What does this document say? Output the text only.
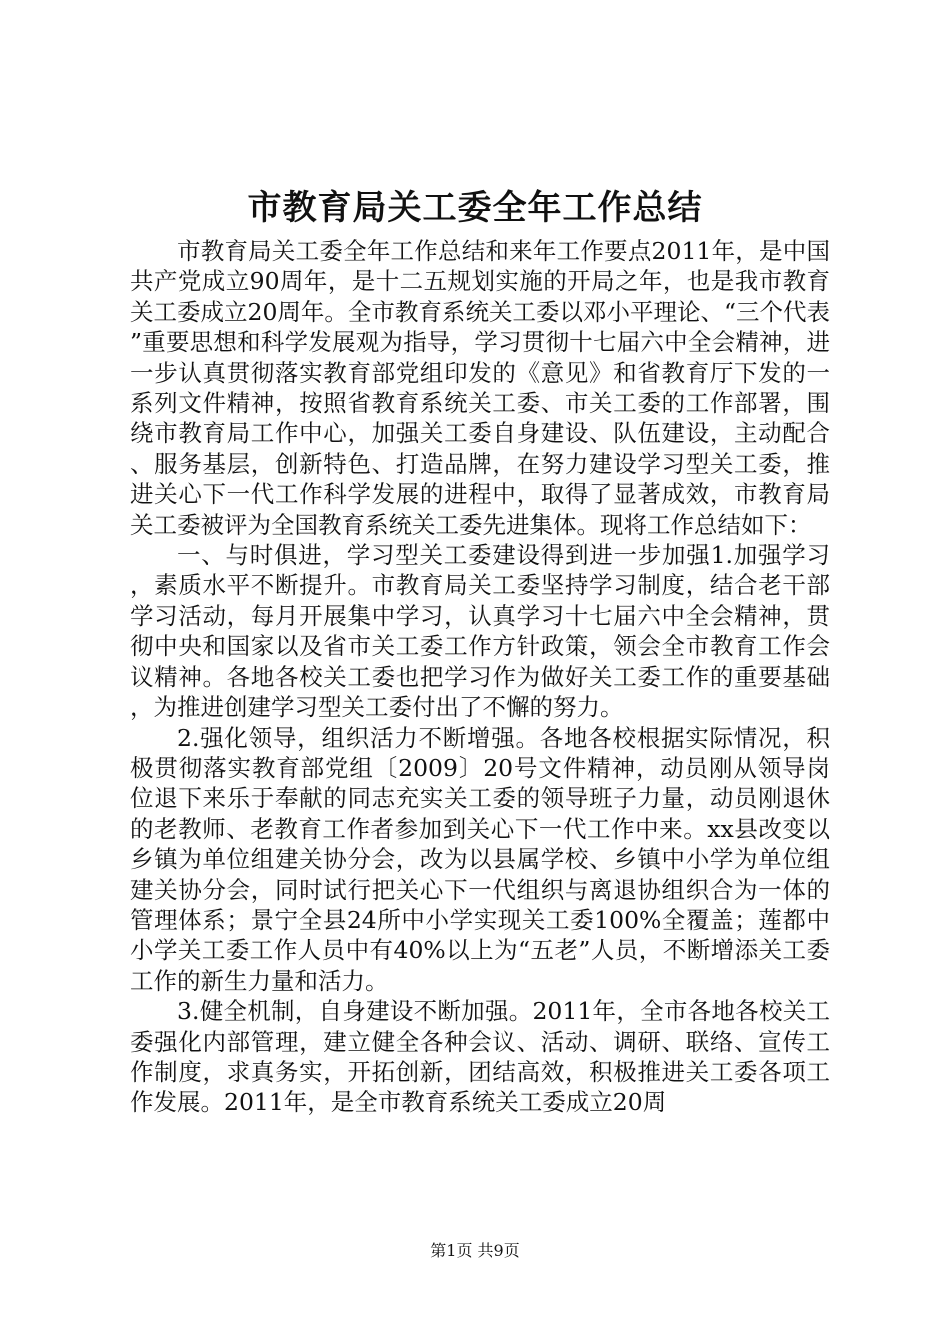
市教育局关工委全年工作总结

市教育局关工委全年工作总结和来年工作要点2011年，是中国共产党成立90周年，是十二五规划实施的开局之年，也是我市教育关工委成立20周年。全市教育系统关工委以邓小平理论、“三个代表”重要思想和科学发展观为指导，学习贯彻十七届六中全会精神，进一步认真贯彻落实教育部党组印发的《意见》和省教育厅下发的一系列文件精神，按照省教育系统关工委、市关工委的工作部署，围绕市教育局工作中心，加强关工委自身建设、队伍建设，主动配合、服务基层，创新特色、打造品牌，在努力建设学习型关工委，推进关心下一代工作科学发展的进程中，取得了显著成效，市教育局关工委被评为全国教育系统关工委先进集体。现将工作总结如下：

一、与时俱进，学习型关工委建设得到进一步加强1.加强学习，素质水平不断提升。市教育局关工委坚持学习制度，结合老干部学习活动，每月开展集中学习，认真学习十七届六中全会精神，贯彻中央和国家以及省市关工委工作方针政策，领会全市教育工作会议精神。各地各校关工委也把学习作为做好关工委工作的重要基础，为推进创建学习型关工委付出了不懈的努力。

2.强化领导，组织活力不断增强。各地各校根据实际情况，积极贯彻落实教育部党组〔2009〕20号文件精神，动员刚从领导岗位退下来乐于奉献的同志充实关工委的领导班子力量，动员刚退休的老教师、老教育工作者参加到关心下一代工作中来。xx县改变以乡镇为单位组建关协分会，改为以县属学校、乡镇中小学为单位组建关协分会，同时试行把关心下一代组织与离退协组织合为一体的管理体系；景宁全县24所中小学实现关工委100%全覆盖；莲都中小学关工委工作人员中有40%以上为“五老”人员，不断增添关工委工作的新生力量和活力。

3.健全机制，自身建设不断加强。2011年，全市各地各校关工委强化内部管理，建立健全各种会议、活动、调研、联络、宣传工作制度，求真务实，开拓创新，团结高效，积极推进关工委各项工作发展。2011年，是全市教育系统关工委成立20周

第1页 共9页
